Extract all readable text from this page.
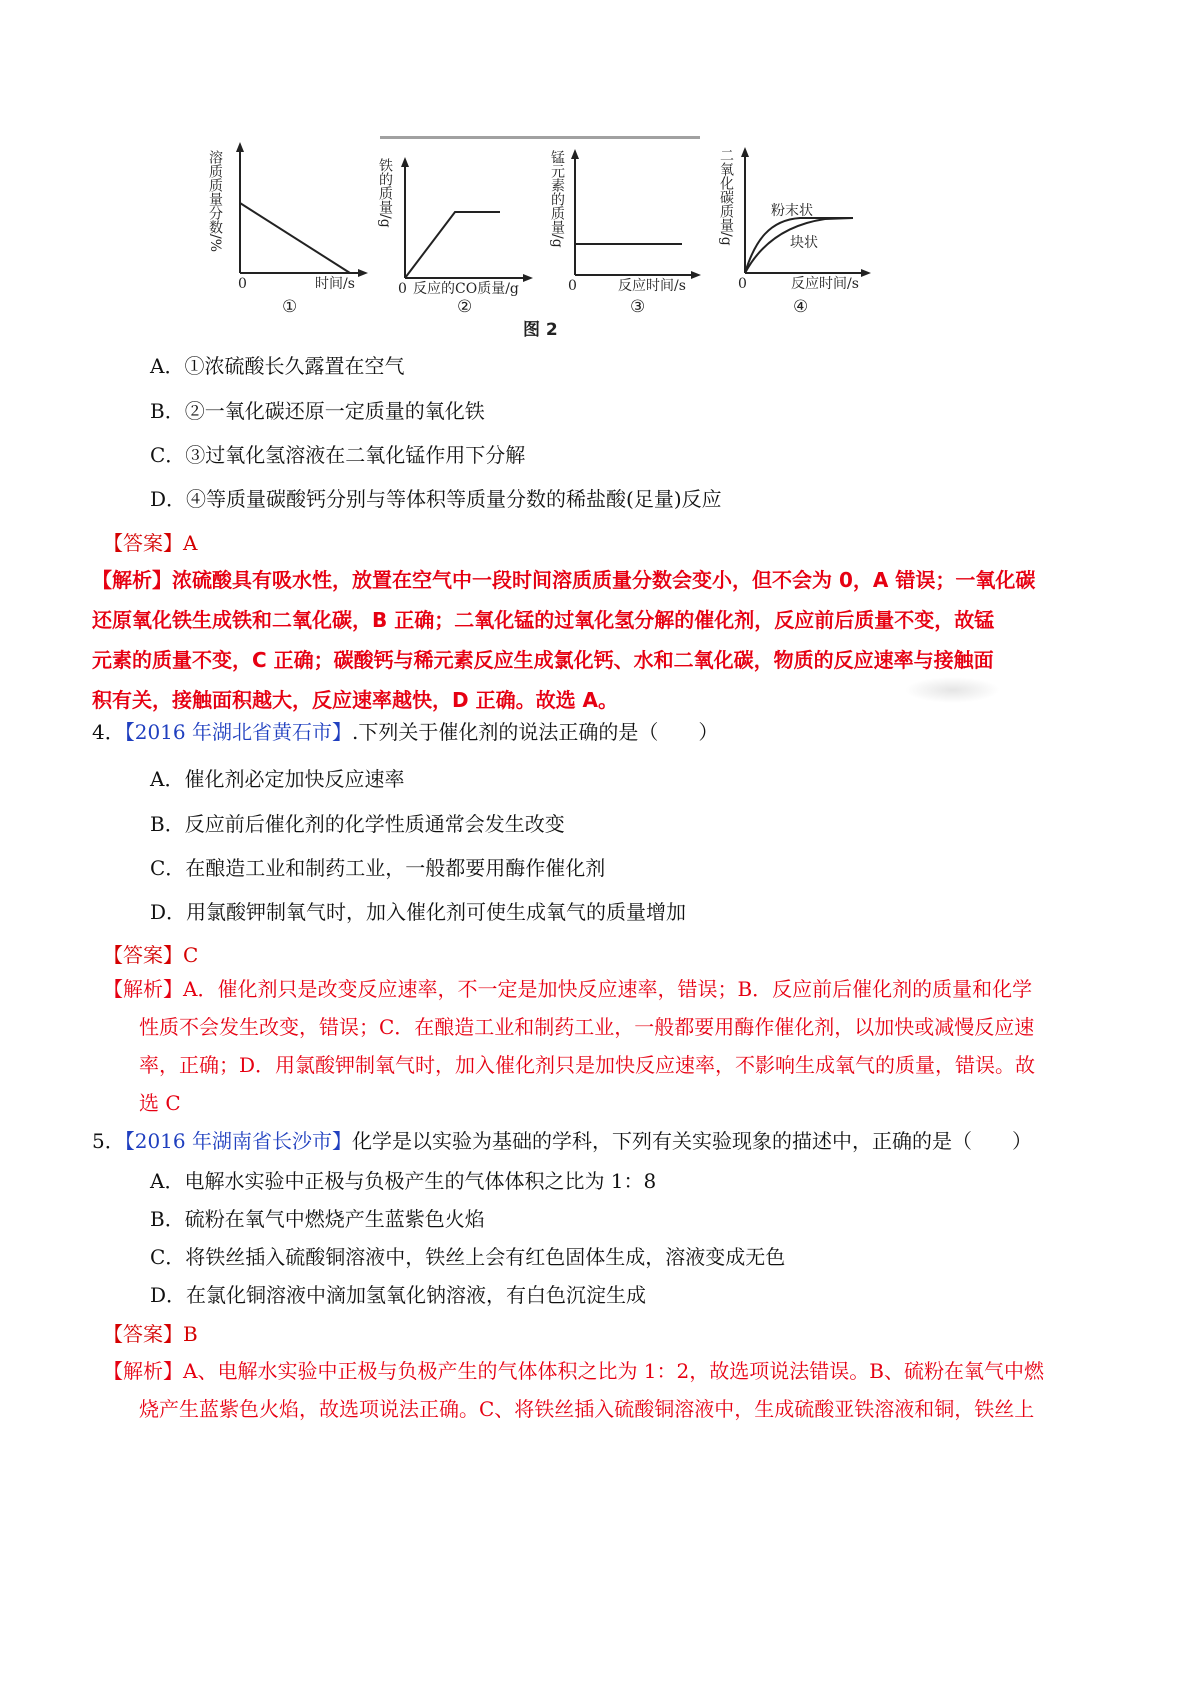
溶质质量分数/%
0	时间/s
①
铁的质量/g
0 反应的CO质量/g
②
锰元素的质量/g
0	反应时间/s
③
二氧化碳质量/g	粉末状
块状
0	反应时间/s
④
图 2
A．①浓硫酸长久露置在空气
B．②一氧化碳还原一定质量的氧化铁
C．③过氧化氢溶液在二氧化锰作用下分解
D．④等质量碳酸钙分别与等体积等质量分数的稀盐酸(足量)反应
【答案】A
【解析】浓硫酸具有吸水性，放置在空气中一段时间溶质质量分数会变小，但不会为 0，A 错误；一氧化碳
还原氧化铁生成铁和二氧化碳，B 正确；二氧化锰的过氧化氢分解的催化剂，反应前后质量不变，故锰
元素的质量不变，C 正确；碳酸钙与稀元素反应生成氯化钙、水和二氧化碳，物质的反应速率与接触面
积有关，接触面积越大，反应速率越快，D 正确。故选 A。
4．【2016 年湖北省黄石市】.下列关于催化剂的说法正确的是（　　）
A．催化剂必定加快反应速率
B．反应前后催化剂的化学性质通常会发生改变
C．在酿造工业和制药工业，一般都要用酶作催化剂
D．用氯酸钾制氧气时，加入催化剂可使生成氧气的质量增加
【答案】C
【解析】A．催化剂只是改变反应速率，不一定是加快反应速率，错误；B．反应前后催化剂的质量和化学
性质不会发生改变，错误；C．在酿造工业和制药工业，一般都要用酶作催化剂，以加快或减慢反应速
率，正确；D．用氯酸钾制氧气时，加入催化剂只是加快反应速率，不影响生成氧气的质量，错误。故
选 C
5．【2016 年湖南省长沙市】化学是以实验为基础的学科，下列有关实验现象的描述中，正确的是（　　）
A．电解水实验中正极与负极产生的气体体积之比为 1：8
B．硫粉在氧气中燃烧产生蓝紫色火焰
C．将铁丝插入硫酸铜溶液中，铁丝上会有红色固体生成，溶液变成无色
D．在氯化铜溶液中滴加氢氧化钠溶液，有白色沉淀生成
【答案】B
【解析】A、电解水实验中正极与负极产生的气体体积之比为 1：2，故选项说法错误。B、硫粉在氧气中燃
烧产生蓝紫色火焰，故选项说法正确。C、将铁丝插入硫酸铜溶液中，生成硫酸亚铁溶液和铜，铁丝上
